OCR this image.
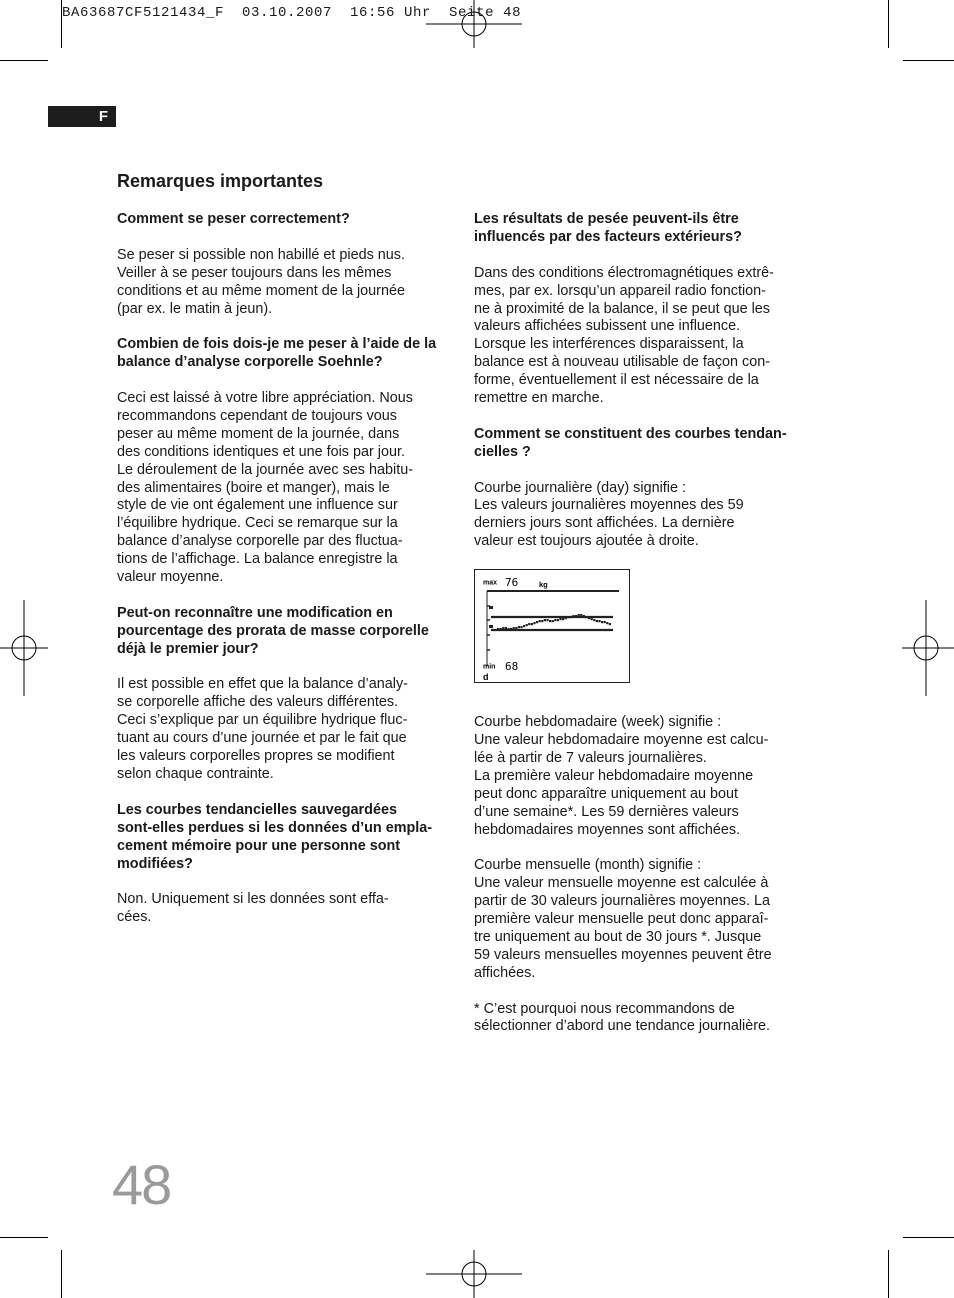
BA63687CF5121434_F  03.10.2007  16:56 Uhr  Seite 48
F
Remarques importantes

Comment se peser correctement?

Se peser si possible non habillé et pieds nus.
Veiller à se peser toujours dans les mêmes
conditions et au même moment de la journée
(par ex. le matin à jeun).

Combien de fois dois-je me peser à l’aide de la
balance d’analyse corporelle Soehnle?

Ceci est laissé à votre libre appréciation. Nous
recommandons cependant de toujours vous
peser au même moment de la journée, dans
des conditions identiques et une fois par jour.
Le déroulement de la journée avec ses habitu-
des alimentaires (boire et manger), mais le
style de vie ont également une influence sur
l’équilibre hydrique. Ceci se remarque sur la
balance d’analyse corporelle par des fluctua-
tions de l’affichage. La balance enregistre la
valeur moyenne.

Peut-on reconnaître une modification en
pourcentage des prorata de masse corporelle
déjà le premier jour?

Il est possible en effet que la balance d’analy-
se corporelle affiche des valeurs différentes.
Ceci s’explique par un équilibre hydrique fluc-
tuant au cours d’une journée et par le fait que
les valeurs corporelles propres se modifient
selon chaque contrainte.

Les courbes tendancielles sauvegardées
sont-elles perdues si les données d’un empla-
cement mémoire pour une personne sont
modifiées?

Non. Uniquement si les données sont effa-
cées.

Les résultats de pesée peuvent-ils être
influencés par des facteurs extérieurs?

Dans des conditions électromagnétiques extrê-
mes, par ex. lorsqu’un appareil radio fonction-
ne à proximité de la balance, il se peut que les
valeurs affichées subissent une influence.
Lorsque les interférences disparaissent, la
balance est à nouveau utilisable de façon con-
forme, éventuellement il est nécessaire de la
remettre en marche.

Comment se constituent des courbes tendan-
cielles ?

Courbe journalière (day) signifie :
Les valeurs journalières moyennes des 59
derniers jours sont affichées. La dernière
valeur est toujours ajoutée à droite.

max 76	kg
min 68
d

Courbe hebdomadaire (week) signifie :
Une valeur hebdomadaire moyenne est calcu-
lée à partir de 7 valeurs journalières.
La première valeur hebdomadaire moyenne
peut donc apparaître uniquement au bout
d’une semaine*. Les 59 dernières valeurs
hebdomadaires moyennes sont affichées.

Courbe mensuelle (month) signifie :
Une valeur mensuelle moyenne est calculée à
partir de 30 valeurs journalières moyennes. La
première valeur mensuelle peut donc apparaî-
tre uniquement au bout de 30 jours *. Jusque
59 valeurs mensuelles moyennes peuvent être
affichées.

* C’est pourquoi nous recommandons de
sélectionner d’abord une tendance journalière.

48
